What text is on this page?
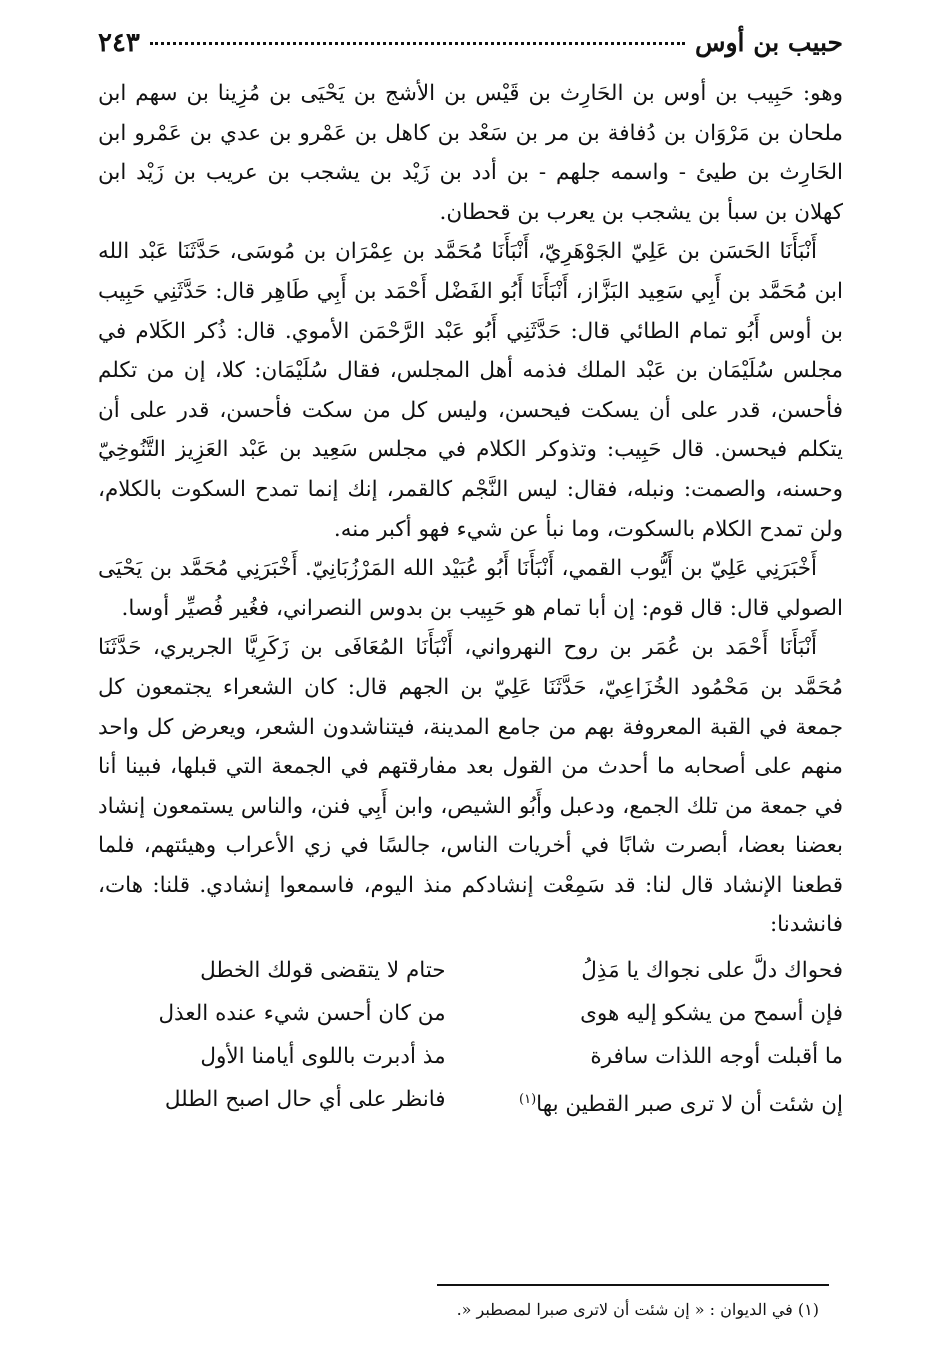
حبيب بن أوس
٢٤٣

وهو: حَبِيب بن أوس بن الحَارِث بن قَيْس بن الأشج بن يَحْيَى بن مُزِينا بن سهم ابن ملحان بن مَرْوَان بن دُفافة بن مر بن سَعْد بن كاهل بن عَمْرو بن عدي بن عَمْرو ابن الحَارِث بن طيئ - واسمه جلهم - بن أدد بن زَيْد بن يشجب بن عريب بن زَيْد ابن كهلان بن سبأ بن يشجب بن يعرب بن قحطان.

أَنْبَأَنَا الحَسَن بن عَلِيّ الجَوْهَرِيّ، أَنْبَأَنَا مُحَمَّد بن عِمْرَان بن مُوسَى، حَدَّثَنَا عَبْد الله ابن مُحَمَّد بن أَبِي سَعِيد البَزَّاز، أَنْبَأَنَا أَبُو الفَضْل أَحْمَد بن أَبِي طَاهِر قال: حَدَّثَنِي حَبِيب بن أوس أَبُو تمام الطائي قال: حَدَّثَنِي أَبُو عَبْد الرَّحْمَن الأموي. قال: ذُكر الكَلام في مجلس سُلَيْمَان بن عَبْد الملك فذمه أهل المجلس، فقال سُلَيْمَان: كلا، إن من تكلم فأحسن، قدر على أن يسكت فيحسن، وليس كل من سكت فأحسن، قدر على أن يتكلم فيحسن. قال حَبِيب: وتذوكر الكلام في مجلس سَعِيد بن عَبْد العَزِيز التَّنُوخِيّ وحسنه، والصمت: ونبله، فقال: ليس النَّجْم كالقمر، إنك إنما تمدح السكوت بالكلام، ولن تمدح الكلام بالسكوت، وما نبأ عن شيء فهو أكبر منه.

أَخْبَرَنِي عَلِيّ بن أَيُّوب القمي، أَنْبَأَنَا أَبُو عُبَيْد الله المَرْزُبَانِيّ. أَخْبَرَنِي مُحَمَّد بن يَحْيَى الصولي قال: قال قوم: إن أبا تمام هو حَبِيب بن بدوس النصراني، فغُير فُصيِّر أوسا.

أَنْبَأَنَا أَحْمَد بن عُمَر بن روح النهرواني، أَنْبَأَنَا المُعَافَى بن زَكَرِيَّا الجريري، حَدَّثَنَا مُحَمَّد بن مَحْمُود الخُزَاعِيّ، حَدَّثَنَا عَلِيّ بن الجهم قال: كان الشعراء يجتمعون كل جمعة في القبة المعروفة بهم من جامع المدينة، فيتناشدون الشعر، ويعرض كل واحد منهم على أصحابه ما أحدث من القول بعد مفارقتهم في الجمعة التي قبلها، فبينا أنا في جمعة من تلك الجمع، ودعبل وأَبُو الشيص، وابن أَبِي فنن، والناس يستمعون إنشاد بعضنا بعضا، أبصرت شابًا في أخريات الناس، جالسًا في زي الأعراب وهيئتهم، فلما قطعنا الإنشاد قال لنا: قد سَمِعْت إنشادكم منذ اليوم، فاسمعوا إنشادي. قلنا: هات، فانشدنا:

فحواك دلَّ على نجواك يا مَذِلُ
حتام لا يتقضى قولك الخطل
فإن أسمح من يشكو إليه هوى
من كان أحسن شيء عنده العذل
ما أقبلت أوجه اللذات سافرة
مذ أدبرت باللوى أيامنا الأول
إن شئت أن لا ترى صبر القطين بها$^{(١)}$
فانظر على أي حال اصبح الطلل
(١) في الديوان : « إن شئت أن لاترى صبرا لمصطبر «.
